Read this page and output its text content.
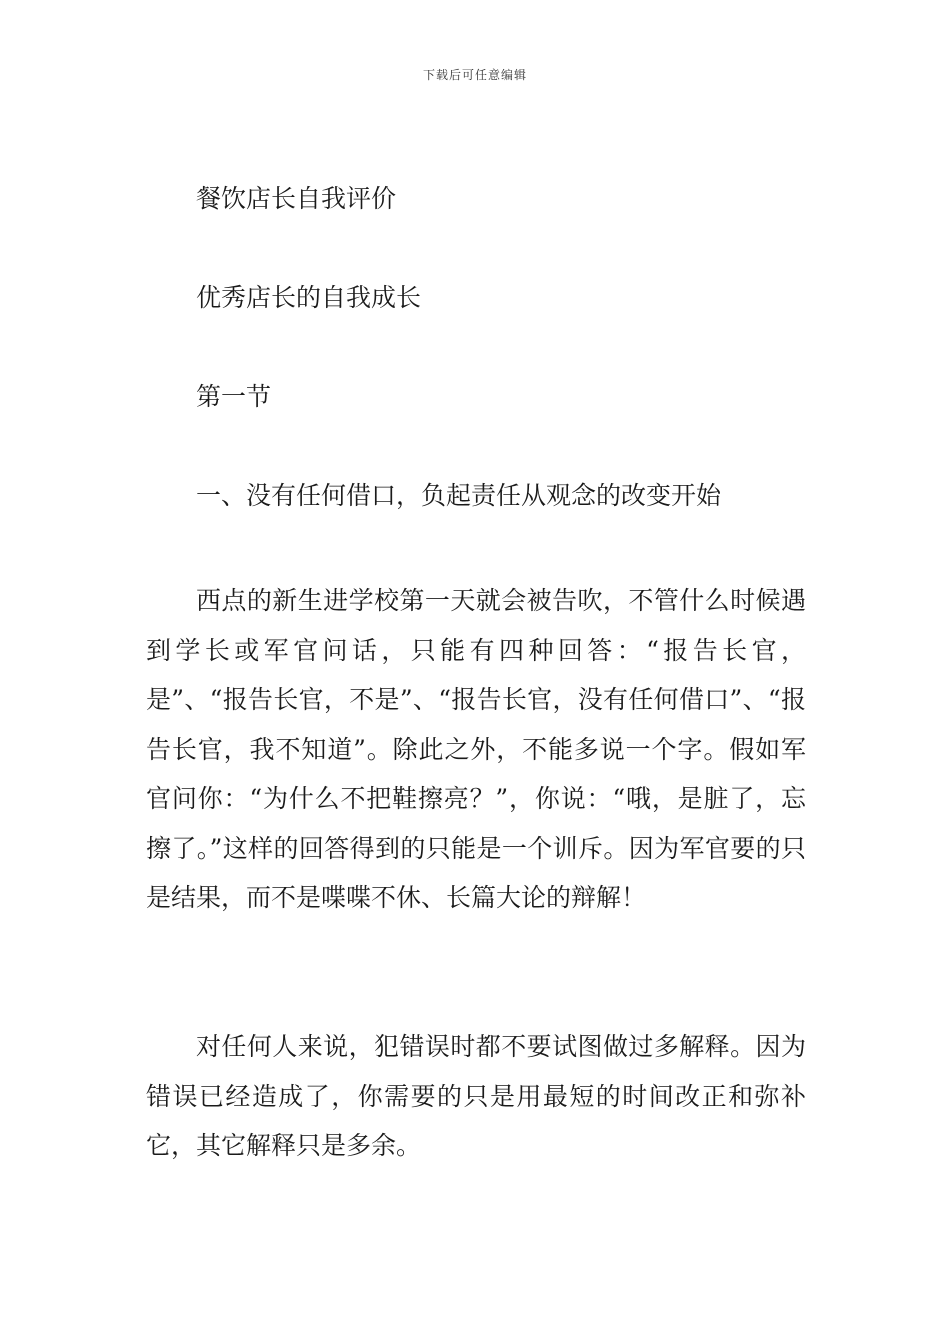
下载后可任意编辑
餐饮店长自我评价
优秀店长的自我成长
第一节
一、没有任何借口，负起责任从观念的改变开始

西点的新生进学校第一天就会被告吹，不管什么时候遇到学长或军官问话，只能有四种回答：“报告长官，是”、“报告长官，不是”、“报告长官，没有任何借口”、“报告长官，我不知道”。除此之外，不能多说一个字。假如军官问你：“为什么不把鞋擦亮？”，你说：“哦，是脏了，忘擦了。”这样的回答得到的只能是一个训斥。因为军官要的只是结果，而不是喋喋不休、长篇大论的辩解！

对任何人来说，犯错误时都不要试图做过多解释。因为错误已经造成了，你需要的只是用最短的时间改正和弥补它，其它解释只是多余。
